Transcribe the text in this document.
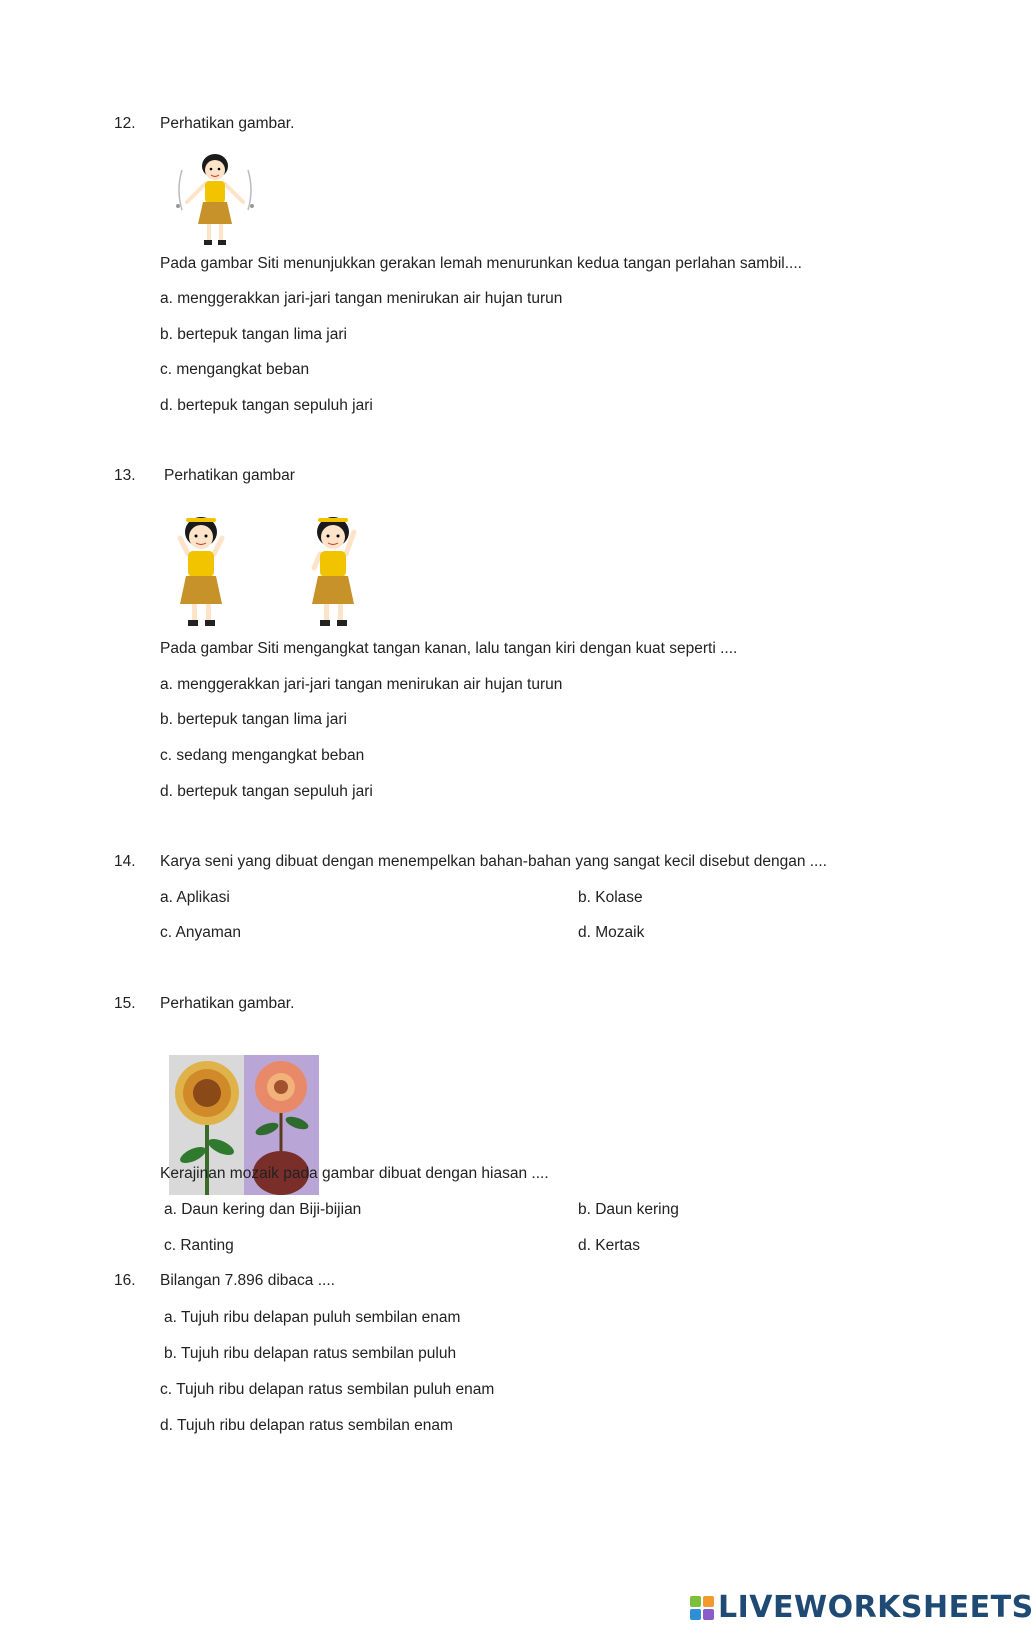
12. Perhatikan gambar.
Pada gambar Siti menunjukkan gerakan lemah menurunkan kedua tangan perlahan sambil....
a. menggerakkan jari-jari tangan menirukan air hujan turun
b. bertepuk tangan lima jari
c. mengangkat beban
d. bertepuk tangan sepuluh jari
13. Perhatikan gambar
Pada gambar Siti mengangkat tangan kanan, lalu tangan kiri dengan kuat seperti ....
a. menggerakkan jari-jari tangan menirukan air hujan turun
b. bertepuk tangan lima jari
c. sedang mengangkat beban
d. bertepuk tangan sepuluh jari
14. Karya seni yang dibuat dengan menempelkan bahan-bahan yang sangat kecil disebut dengan ....
a. Aplikasi	b. Kolase
c. Anyaman	d. Mozaik
15. Perhatikan gambar.
Kerajinan mozaik pada gambar dibuat dengan hiasan ....
a. Daun kering dan Biji-bijian	b. Daun kering
c. Ranting	d. Kertas
16. Bilangan 7.896 dibaca ....
a. Tujuh ribu delapan puluh sembilan enam
b. Tujuh ribu delapan ratus sembilan puluh
c. Tujuh ribu delapan ratus sembilan puluh enam
d. Tujuh ribu delapan ratus sembilan enam
LIVEWORKSHEETS
